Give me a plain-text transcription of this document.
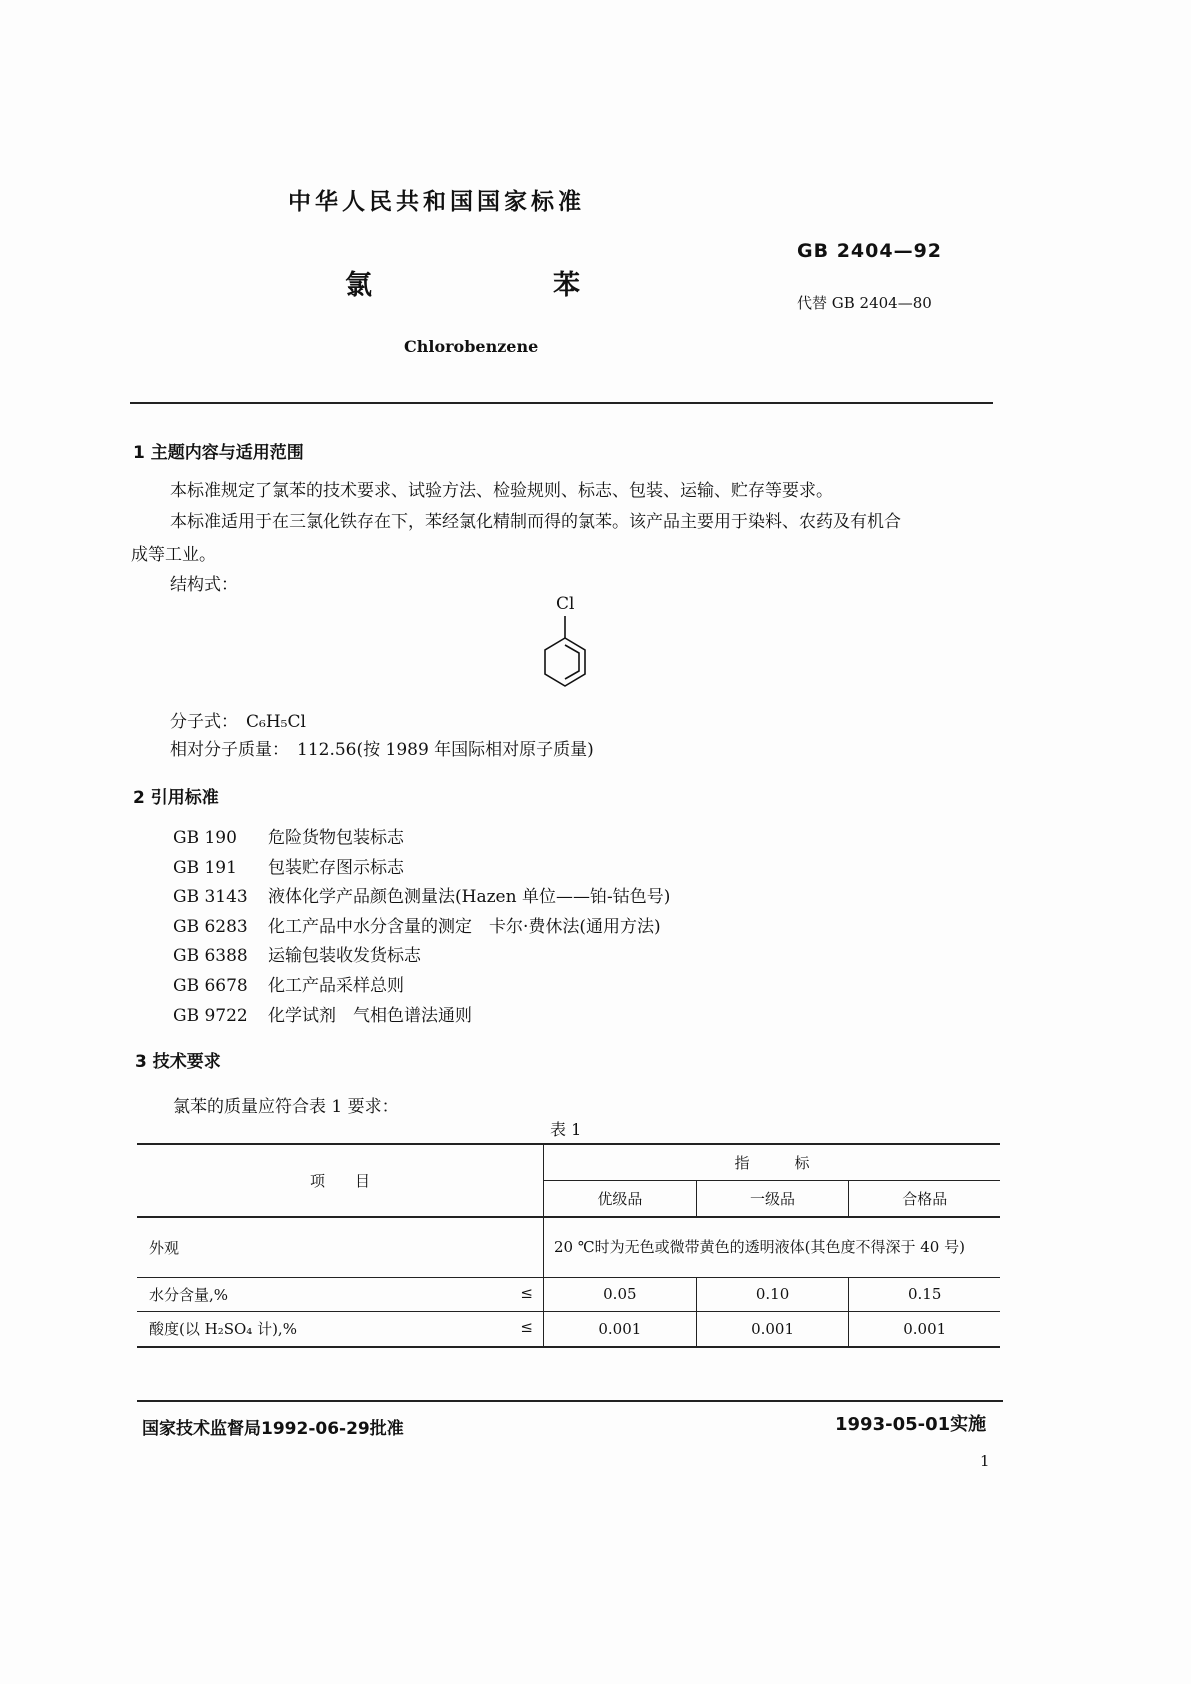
中华人民共和国国家标准
GB 2404—92
代替 GB 2404—80
氯	苯
Chlorobenzene
1 主题内容与适用范围
本标准规定了氯苯的技术要求、试验方法、检验规则、标志、包装、运输、贮存等要求。
本标准适用于在三氯化铁存在下，苯经氯化精制而得的氯苯。该产品主要用于染料、农药及有机合
成等工业。
结构式：
Cl
分子式： C₆H₅Cl
相对分子质量： 112.56(按 1989 年国际相对原子质量)
2 引用标准
GB 190 危险货物包装标志
GB 191 包装贮存图示标志
GB 3143 液体化学产品颜色测量法(Hazen 单位——铂-钴色号)
GB 6283 化工产品中水分含量的测定　卡尔·费休法(通用方法)
GB 6388 运输包装收发货标志
GB 6678 化工产品采样总则
GB 9722 化学试剂　气相色谱法通则
3 技术要求
氯苯的质量应符合表 1 要求：
表 1
项　　目	指　　　标		
	优级品	一级品	合格品
外观	20 ℃时为无色或微带黄色的透明液体(其色度不得深于 40 号)		
水分含量,% ≤	0.05	0.10	0.15
酸度(以 H₂SO₄ 计),% ≤	0.001	0.001	0.001
国家技术监督局1992-06-29批准	1993-05-01实施
1
